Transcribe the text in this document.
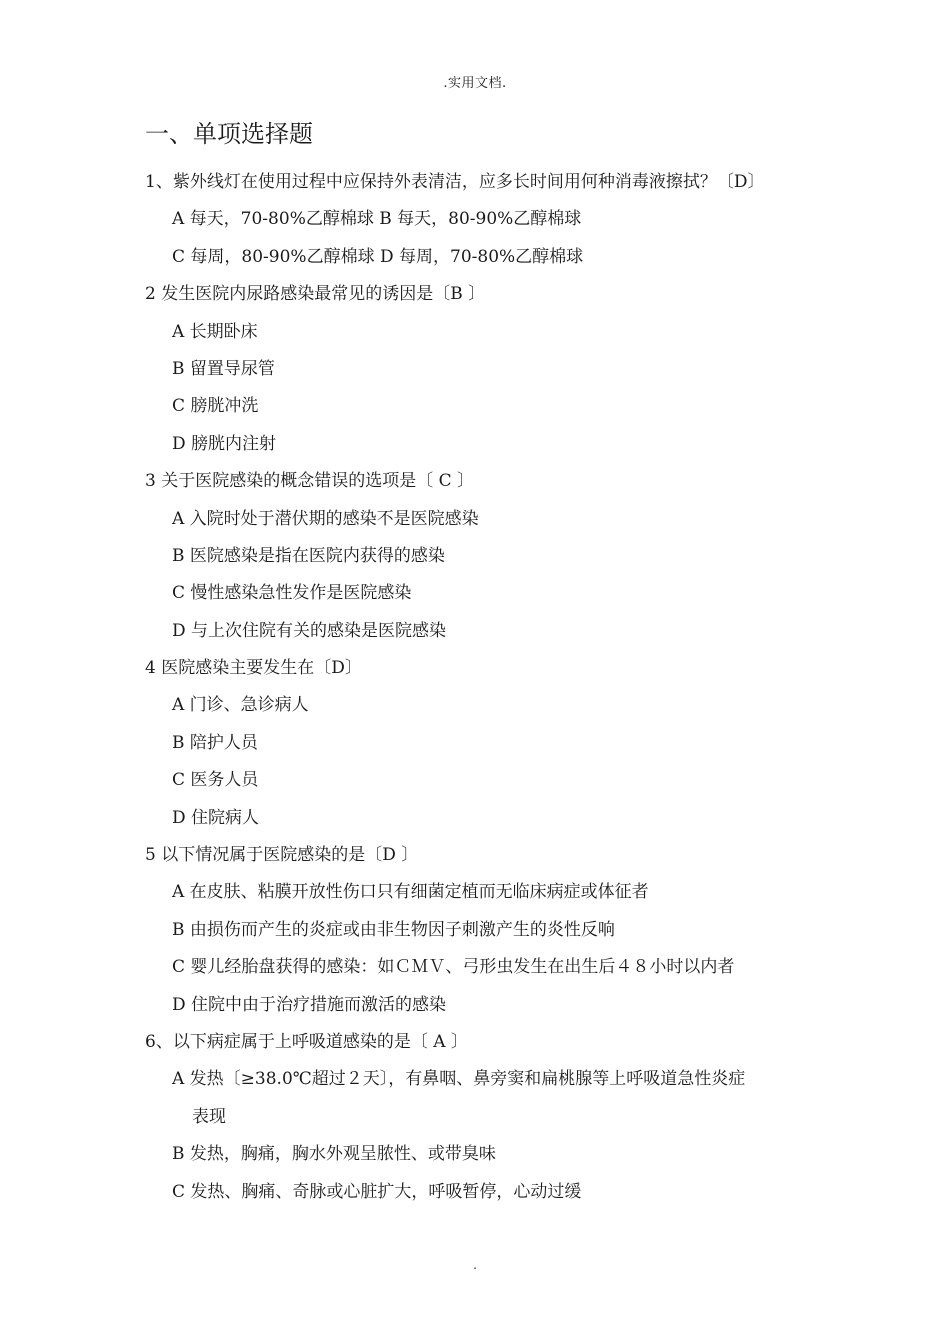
.实用文档.
一、单项选择题
1、紫外线灯在使用过程中应保持外表清洁，应多长时间用何种消毒液擦拭？〔D〕
A 每天，70-80%乙醇棉球 B 每天，80-90%乙醇棉球
C 每周，80-90%乙醇棉球 D 每周，70-80%乙醇棉球
2 发生医院内尿路感染最常见的诱因是〔B 〕
A 长期卧床
B 留置导尿管
C 膀胱冲洗
D 膀胱内注射
3 关于医院感染的概念错误的选项是〔 C 〕
A 入院时处于潜伏期的感染不是医院感染
B 医院感染是指在医院内获得的感染
C 慢性感染急性发作是医院感染
D 与上次住院有关的感染是医院感染
4 医院感染主要发生在〔D〕
A 门诊、急诊病人
B 陪护人员
C 医务人员
D 住院病人
5 以下情况属于医院感染的是〔D 〕
A 在皮肤、粘膜开放性伤口只有细菌定植而无临床病症或体征者
B 由损伤而产生的炎症或由非生物因子刺激产生的炎性反响
C 婴儿经胎盘获得的感染：如ＣＭＶ、弓形虫发生在出生后４８小时以内者
D 住院中由于治疗措施而激活的感染
6、以下病症属于上呼吸道感染的是〔 A 〕
A 发热〔≥38.0℃超过２天〕，有鼻咽、鼻旁窦和扁桃腺等上呼吸道急性炎症
表现
B 发热，胸痛，胸水外观呈脓性、或带臭味
C 发热、胸痛、奇脉或心脏扩大，呼吸暂停，心动过缓
.
